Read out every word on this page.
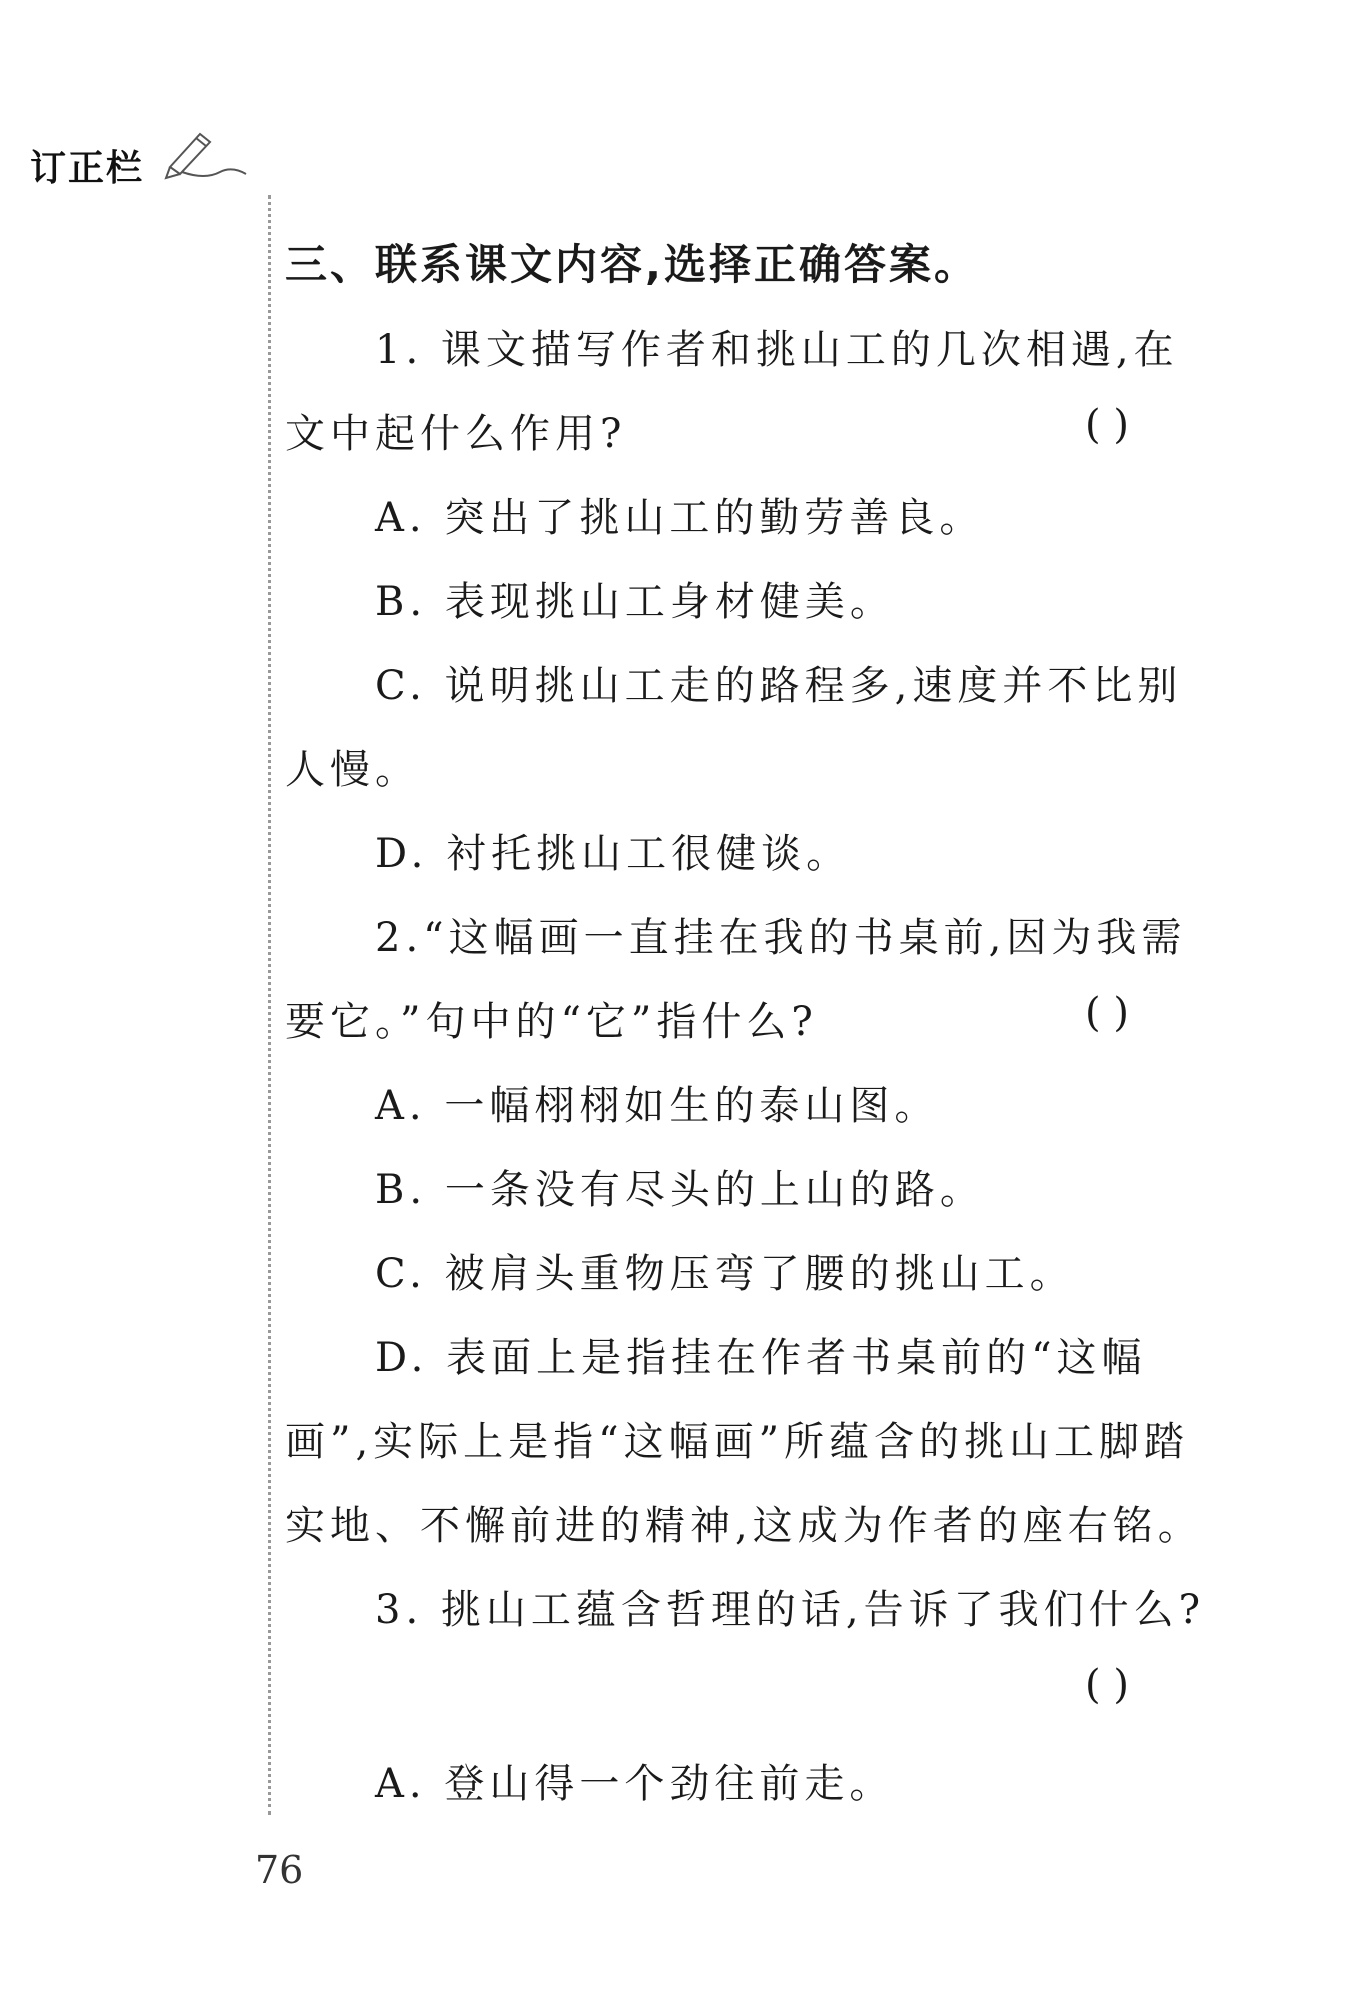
订正栏
三、联系课文内容,选择正确答案。
1. 课文描写作者和挑山工的几次相遇,在
文中起什么作用?	( )
A. 突出了挑山工的勤劳善良。
B. 表现挑山工身材健美。
C. 说明挑山工走的路程多,速度并不比别
人慢。
D. 衬托挑山工很健谈。
2.“这幅画一直挂在我的书桌前,因为我需
要它。”句中的“它”指什么?	( )
A. 一幅栩栩如生的泰山图。
B. 一条没有尽头的上山的路。
C. 被肩头重物压弯了腰的挑山工。
D. 表面上是指挂在作者书桌前的“这幅
画”,实际上是指“这幅画”所蕴含的挑山工脚踏
实地、不懈前进的精神,这成为作者的座右铭。
3. 挑山工蕴含哲理的话,告诉了我们什么?
( )
A. 登山得一个劲往前走。
76
